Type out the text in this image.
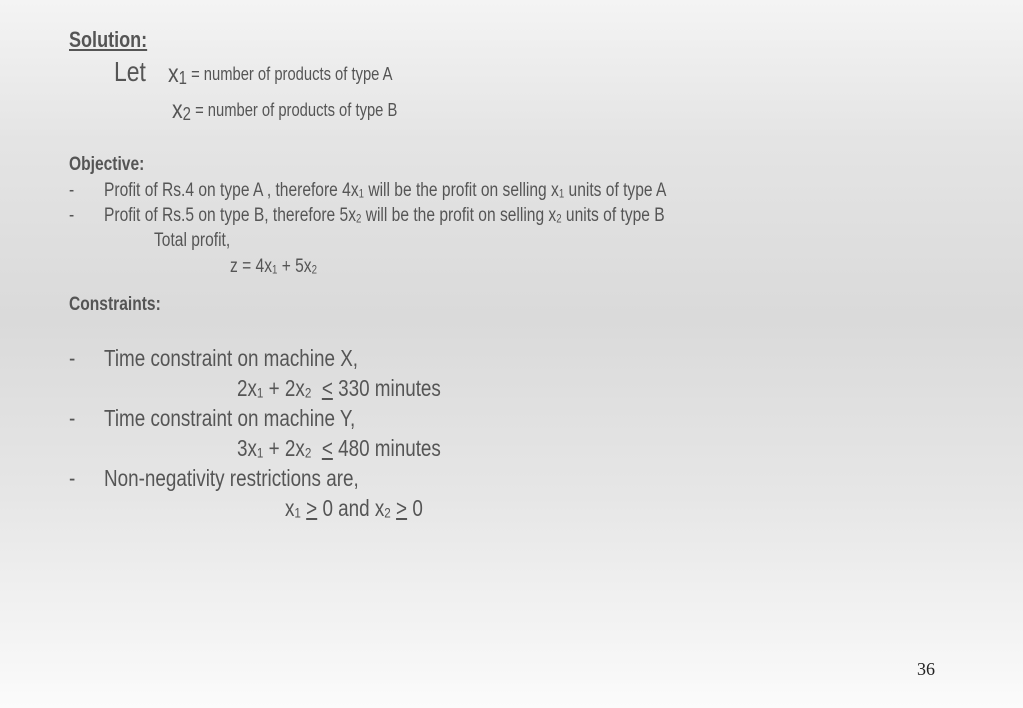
Solution:
Let x1 = number of products of type A
x2 = number of products of type B
Objective:
- Profit of Rs.4 on type A , therefore 4x1 will be the profit on selling x1 units of type A
- Profit of Rs.5 on type B, therefore 5x2 will be the profit on selling x2 units of type B
Total profit,
z = 4x1 + 5x2
Constraints:
- Time constraint on machine X,
2x1 + 2x2 < 330 minutes
- Time constraint on machine Y,
3x1 + 2x2 < 480 minutes
- Non-negativity restrictions are,
x1 > 0 and x2 > 0
36
